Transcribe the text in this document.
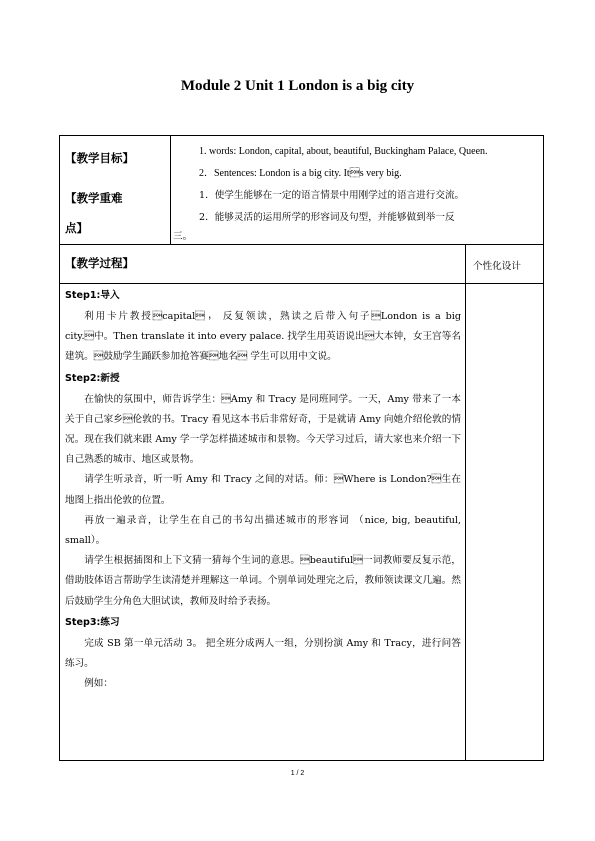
Module 2 Unit 1 London is a big city
【教学目标】	1. words: London, capital, about, beautiful, Buckingham Palace, Queen.
2．Sentences: London is a big city. Its very big.
【教学重难
点】
1．使学生能够在一定的语言情景中用刚学过的语言进行交流。
2．能够灵活的运用所学的形容词及句型，并能够做到举一反
三。
【教学过程】	个性化设计
Step1:导入

利用卡片教授capital， 反复领读，熟读之后带入句子London is a big city.中。Then translate it into every palace. 找学生用英语说出大本钟，女王宫等名建筑。鼓励学生踊跃参加抢答赛地名 学生可以用中文说。

Step2:新授

在愉快的氛围中，师告诉学生：Amy 和 Tracy 是同班同学。一天，Amy 带来了一本关于自己家乡伦敦的书。Tracy 看见这本书后非常好奇，于是就请 Amy 向她介绍伦敦的情况。现在我们就来跟 Amy 学一学怎样描述城市和景物。今天学习过后，请大家也来介绍一下自己熟悉的城市、地区或景物。

请学生听录音，听一听 Amy 和 Tracy 之间的对话。师：Where is London?生在地图上指出伦敦的位置。

再放一遍录音，让学生在自己的书勾出描述城市的形容词 （nice, big, beautiful, small）。

请学生根据插图和上下文猜一猜每个生词的意思。beautiful一词教师要反复示范，借助肢体语言帮助学生读清楚并理解这一单词。个别单词处理完之后，教师领读课文几遍。然后鼓励学生分角色大胆试读，教师及时给予表扬。

Step3:练习

完成 SB 第一单元活动 3。 把全班分成两人一组，分别扮演 Amy 和 Tracy，进行问答练习。

例如：

1 / 2
